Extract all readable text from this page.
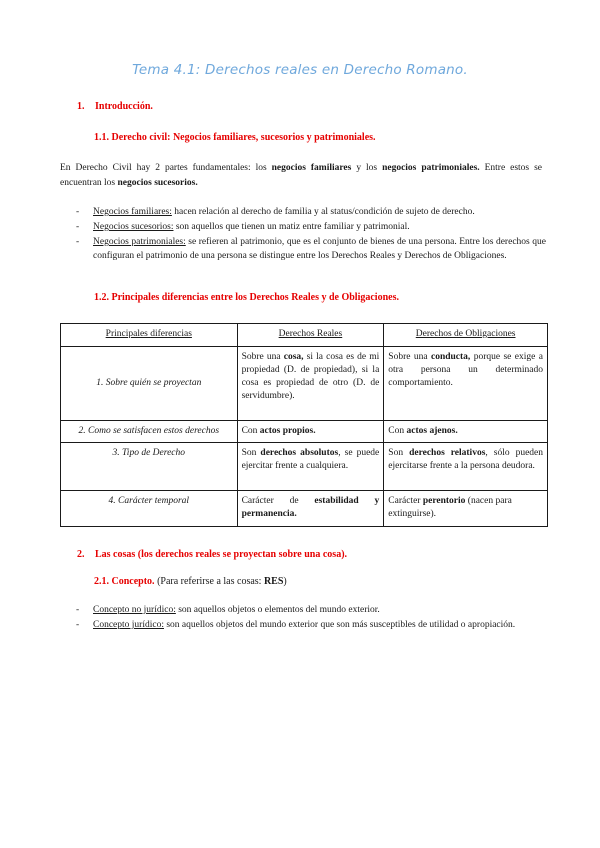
Tema 4.1: Derechos reales en Derecho Romano.
1. Introducción.
1.1. Derecho civil: Negocios familiares, sucesorios y patrimoniales.
En Derecho Civil hay 2 partes fundamentales: los negocios familiares y los negocios patrimoniales. Entre estos se encuentran los negocios sucesorios.
- Negocios familiares: hacen relación al derecho de familia y al status/condición de sujeto de derecho.
- Negocios sucesorios: son aquellos que tienen un matiz entre familiar y patrimonial.
- Negocios patrimoniales: se refieren al patrimonio, que es el conjunto de bienes de una persona. Entre los derechos que configuran el patrimonio de una persona se distingue entre los Derechos Reales y Derechos de Obligaciones.
1.2. Principales diferencias entre los Derechos Reales y de Obligaciones.
Principales diferencias	Derechos Reales	Derechos de Obligaciones
1. Sobre quién se proyectan	Sobre una cosa, si la cosa es de mi propiedad (D. de propiedad), si la cosa es propiedad de otro (D. de servidumbre).	Sobre una conducta, porque se exige a otra persona un determinado comportamiento.
2. Como se satisfacen estos derechos	Con actos propios.	Con actos ajenos.
3. Tipo de Derecho	Son derechos absolutos, se puede ejercitar frente a cualquiera.	Son derechos relativos, sólo pueden ejercitarse frente a la persona deudora.
4. Carácter temporal	Carácter de estabilidad y permanencia.	Carácter perentorio (nacen para extinguirse).
2. Las cosas (los derechos reales se proyectan sobre una cosa).
2.1. Concepto. (Para referirse a las cosas: RES)
- Concepto no jurídico: son aquellos objetos o elementos del mundo exterior.
- Concepto jurídico: son aquellos objetos del mundo exterior que son más susceptibles de utilidad o apropiación.
